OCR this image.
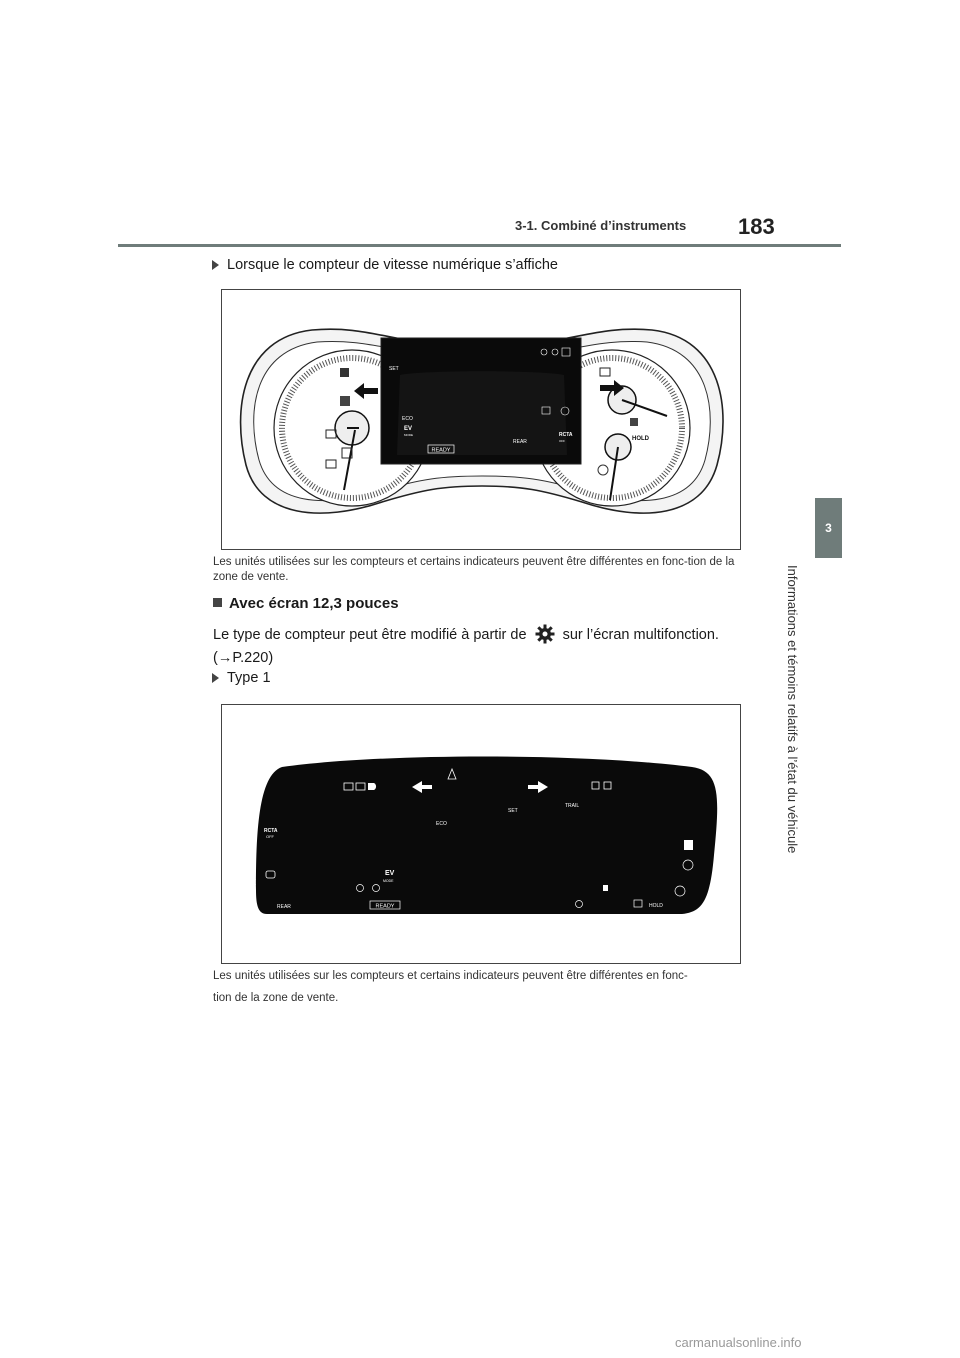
3-1. Combiné d’instruments 183
3
Informations et témoins relatifs à l’état du véhicule
Lorsque le compteur de vitesse numérique s’affiche
HOLD
SET
ECO
EV
MODE
READY
REAR
RCTA
OFF
Les unités utilisées sur les compteurs et certains indicateurs peuvent être différentes en fonc-tion de la zone de vente.
Avec écran 12,3 pouces
Le type de compteur peut être modifié à partir de sur l’écran multifonction.
(→P.220)
Type 1
SET
TRAIL
ECO
RCTA
OFF
REAR
EV
MODE
READY	HOLD
Les unités utilisées sur les compteurs et certains indicateurs peuvent être différentes en fonc-
tion de la zone de vente.
carmanualsonline.info
